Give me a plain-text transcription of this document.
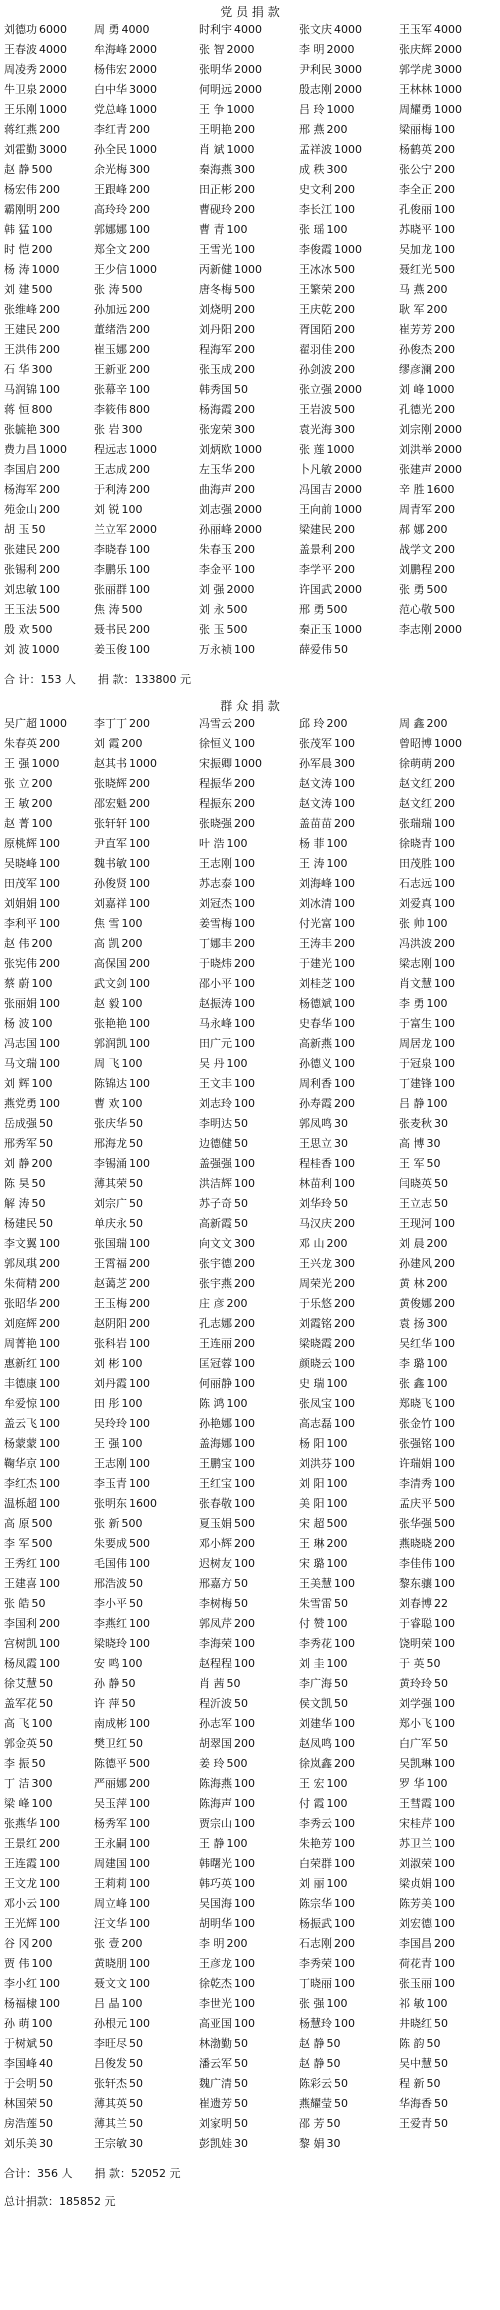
党 员 捐 款
刘德功 6000	周 勇 4000	时利宇 4000	张文庆 4000	王玉军 4000
王春波 4000	牟海峰 2000	张 智 2000	李 明 2000	张庆辉 2000
周凌秀 2000	杨伟宏 2000	张明华 2000	尹利民 3000	郭学虎 3000
牛卫泉 2000	白中华 3000	何明远 2000	殷志刚 2000	王林林 1000
王乐刚 1000	党总峰 1000	王 争 1000	吕 玲 1000	周耀勇 1000
蒋红燕 200	李红青 200	王明艳 200	邢 燕 200	梁丽梅 100
刘霍勤 3000	孙全民 1000	肖 斌 1000	孟祥波 1000	杨鹤英 200
赵 静 500	余光梅 300	秦海燕 300	成 秩 300	张公宁 200
杨宏伟 200	王跟峰 200	田正彬 200	史文利 200	李全正 200
霸刚明 200	高玲玲 200	曹砚玲 200	李长江 100	孔俊丽 100
韩 猛 100	郭娜娜 100	曹 青 100	张 瑶 100	苏晓平 100
时 恺 200	郑全文 200	王雪光 100	李俊霞 1000	吴加龙 100
杨 涛 1000	王少信 1000	丙新健 1000	王冰冰 500	聂红光 500
刘 建 500	张 涛 500	唐冬梅 500	王繁荣 200	马 燕 200
张维峰 200	孙加远 200	刘烧明 200	王庆乾 200	耿 军 200
王建民 200	董绪浩 200	刘丹阳 200	胥国陌 200	崔芳芳 200
王洪伟 200	崔玉娜 200	程海军 200	翟羽佳 200	孙俊杰 200
石 华 300	王新亚 200	张玉成 200	孙剑波 200	缪彦澜 200
马润锦 100	张幕辛 100	韩秀国 50	张立强 2000	刘 峰 1000
蒋 恒 800	李筱伟 800	杨海霞 200	王岩波 500	孔德光 200
张毓艳 300	张 岩 300	张宠荣 300	袁光海 300	刘宗刚 2000
费力昌 1000	程远志 1000	刘炳欧 1000	张 莲 1000	刘洪举 2000
李国启 200	王志成 200	左玉华 200	卜凡敏 2000	张建声 2000
杨海军 200	于利涛 200	曲海声 200	冯国吉 2000	辛 胜 1600
苑金山 200	刘 锐 100	刘志强 2000	王向前 1000	周青军 200
胡 玉 50	兰立军 2000	孙丽峰 2000	梁建民 200	郝 娜 200
张建民 200	李晓春 100	朱春玉 200	盖景利 200	战学文 200
张锡利 200	李鹏乐 100	李金平 100	李学平 200	刘鹏程 200
刘忠敏 100	张丽群 100	刘 强 2000	许国武 2000	张 勇 500
王玉法 500	焦 涛 500	刘 永 500	邢 勇 500	范心敬 500
殷 欢 500	聂书民 200	张 玉 500	秦正玉 1000	李志刚 2000
刘 波 1000	姜玉俊 100	万永祯 100	薛爱伟 50
合 计：153 人　　捐 款：133800 元
群 众 捐 款
吴广超 1000	李丁丁 200	冯雪云 200	邱 玲 200	周 鑫 200
朱春英 200	刘 霞 200	徐恒义 100	张茂军 100	曾昭博 1000
王 强 1000	赵其书 1000	宋振卿 1000	孙军晨 300	徐萌萌 200
张 立 200	张晓辉 200	程振华 200	赵文涛 100	赵文红 200
王 敏 200	邵宏魁 200	程振东 200	赵文涛 100	赵文红 200
赵 菁 100	张轩轩 100	张晓强 200	盖苗苗 200	张瑞瑞 100
原桃辉 100	尹直军 100	叶 浩 100	杨 菲 100	徐晓青 100
吴晓峰 100	魏书敏 100	王志刚 100	王 涛 100	田茂胜 100
田茂军 100	孙俊贤 100	苏志泰 100	刘海峰 100	石志远 100
刘娟娟 100	刘嘉祥 100	刘冠杰 100	刘冰清 100	刘爱真 100
李利平 100	焦 雪 100	姜雪梅 100	付光富 100	张 帅 100
赵 伟 200	高 凯 200	丁娜丰 200	王涛丰 200	冯洪波 200
张宪伟 200	高保国 200	于晓炜 200	于建光 100	梁志刚 100
蔡 蔚 100	武文剑 100	邵小平 100	刘桂芝 100	肖文慧 100
张丽娟 100	赵 毅 100	赵振涛 100	杨德斌 100	李 勇 100
杨 波 100	张艳艳 100	马永峰 100	史春华 100	于富生 100
冯志国 100	郭润凯 100	田广元 100	高新燕 100	周居龙 100
马文瑞 100	周 飞 100	吴 丹 100	孙德义 100	于冠泉 100
刘 辉 100	陈锦达 100	王文丰 100	周利香 100	丁建锋 100
燕党勇 100	曹 欢 100	刘志玲 100	孙寿霞 200	吕 静 100
岳成强 50	张庆华 50	李明达 50	郭凤鸣 30	张麦秋 30
邢秀军 50	邢海龙 50	边德健 50	王思立 30	高 博 30
刘 静 200	李锡涌 100	盖强强 100	程桂香 100	王 军 50
陈 昊 50	薄其荣 50	洪洁辉 100	林苗利 100	闫晓英 50
解 涛 50	刘宗广 50	苏子奇 50	刘华玲 50	王立志 50
杨建民 50	单庆永 50	高新霞 50	马汉庆 200	王现河 100
李文翼 100	张国瑞 100	向文文 300	邓 山 200	刘 晨 200
郭凤琪 200	王霄福 200	张宇德 200	王兴龙 300	孙建风 200
朱荷精 200	赵蔼芝 200	张宇燕 200	周荣光 200	黄 林 200
张昭华 200	王玉梅 200	庄 彦 200	于乐悠 200	黄俊娜 200
刘庭辉 200	赵阴阳 200	孔志娜 200	刘霞铭 200	袁 扬 300
周菁艳 100	张科岩 100	王连丽 200	梁晓霞 200	吴红华 100
惠新红 100	刘 彬 100	匡冠蓉 100	颜晓云 100	李 璐 100
丰德康 100	刘丹霞 100	何丽静 100	史 瑞 100	张 鑫 100
牟爱惊 100	田 彤 100	陈 鸿 100	张凤宝 100	郑晓飞 100
盖云飞 100	吴玲玲 100	孙艳娜 100	高志磊 100	张金竹 100
杨蒙蒙 100	王 强 100	盖海娜 100	杨 阳 100	张强铭 100
鞠华京 100	王志刚 100	王鹏宝 100	刘洪芬 100	许瑞娟 100
李红杰 100	李玉青 100	王红宝 100	刘 阳 100	李清秀 100
温栎超 100	张明东 1600	张春敬 100	美 阳 100	孟庆平 500
高 原 500	张 新 500	夏玉娟 500	宋 超 500	张华强 500
李 军 500	朱要成 500	邓小辉 200	王 琳 200	燕晓晓 200
王秀红 100	毛国伟 100	迟树友 100	宋 璐 100	李佳伟 100
王建喜 100	邢浩波 50	邢嘉方 50	王美慧 100	黎东骧 100
张 皓 50	李小平 50	李树梅 50	朱雪雷 50	刘春博 22
李国利 200	李燕红 100	郭凤芹 200	付 赞 100	于睿聪 100
宫树凯 100	梁晓玲 100	李海荣 100	李秀花 100	饶明荣 100
杨凤霞 100	安 鸣 100	赵程程 100	刘 圭 100	于 英 50
徐艾慧 50	孙 静 50	肖 茜 50	李广海 50	黄玲玲 50
盖军花 50	许 萍 50	程沂波 50	侯文凯 50	刘学强 100
高 飞 100	南成彬 100	孙志军 100	刘建华 100	郑小飞 100
郭金英 50	樊卫红 50	胡翠国 200	赵凤鸣 100	白广军 50
李 振 50	陈德平 500	姜 玲 500	徐岚鑫 200	吴凯琳 100
丁 洁 300	严丽娜 200	陈海燕 100	王 宏 100	罗 华 100
梁 峰 100	吴玉萍 100	陈海声 100	付 霞 100	王彗霞 100
张燕华 100	杨秀军 100	贾宗山 100	李秀云 100	宋桂芹 100
王景红 200	王永嗣 100	王 静 100	朱艳芳 100	苏卫兰 100
王连霞 100	周建国 100	韩曙光 100	白荣群 100	刘淑荣 100
王文龙 100	王莉莉 100	韩巧英 100	刘 丽 100	梁贞娟 100
邓小云 100	周立峰 100	吴国海 100	陈宗华 100	陈芳美 100
王光辉 100	汪文华 100	胡明华 100	杨振武 100	刘宏德 100
谷 冈 200	张 壹 200	李 明 200	石志刚 200	李国昌 200
贾 伟 100	黄晓朋 100	王彦龙 100	李秀荣 100	荷花青 100
李小红 100	聂文文 100	徐乾杰 100	丁晓丽 100	张玉丽 100
杨福棣 100	吕 晶 100	李世光 100	张 强 100	祁 敏 100
孙 萌 100	孙根元 100	高亚国 100	杨慧玲 100	井晓红 50
于树斌 50	李旺尽 50	林渤勤 50	赵 静 50	陈 韵 50
李国峰 40	吕俊发 50	潘云军 50	赵 静 50	吴中慧 50
于会明 50	张轩杰 50	魏广清 50	陈彩云 50	程 新 50
林国荣 50	薄其英 50	崔遗芳 50	燕耀莹 50	华海香 50
房浩莲 50	薄其兰 50	刘家明 50	邵 芳 50	王爱青 50
刘乐美 30	王宗敏 30	彭凯娃 30	黎 娟 30
合计：356 人　　捐 款：52052 元
总计捐款：185852 元
